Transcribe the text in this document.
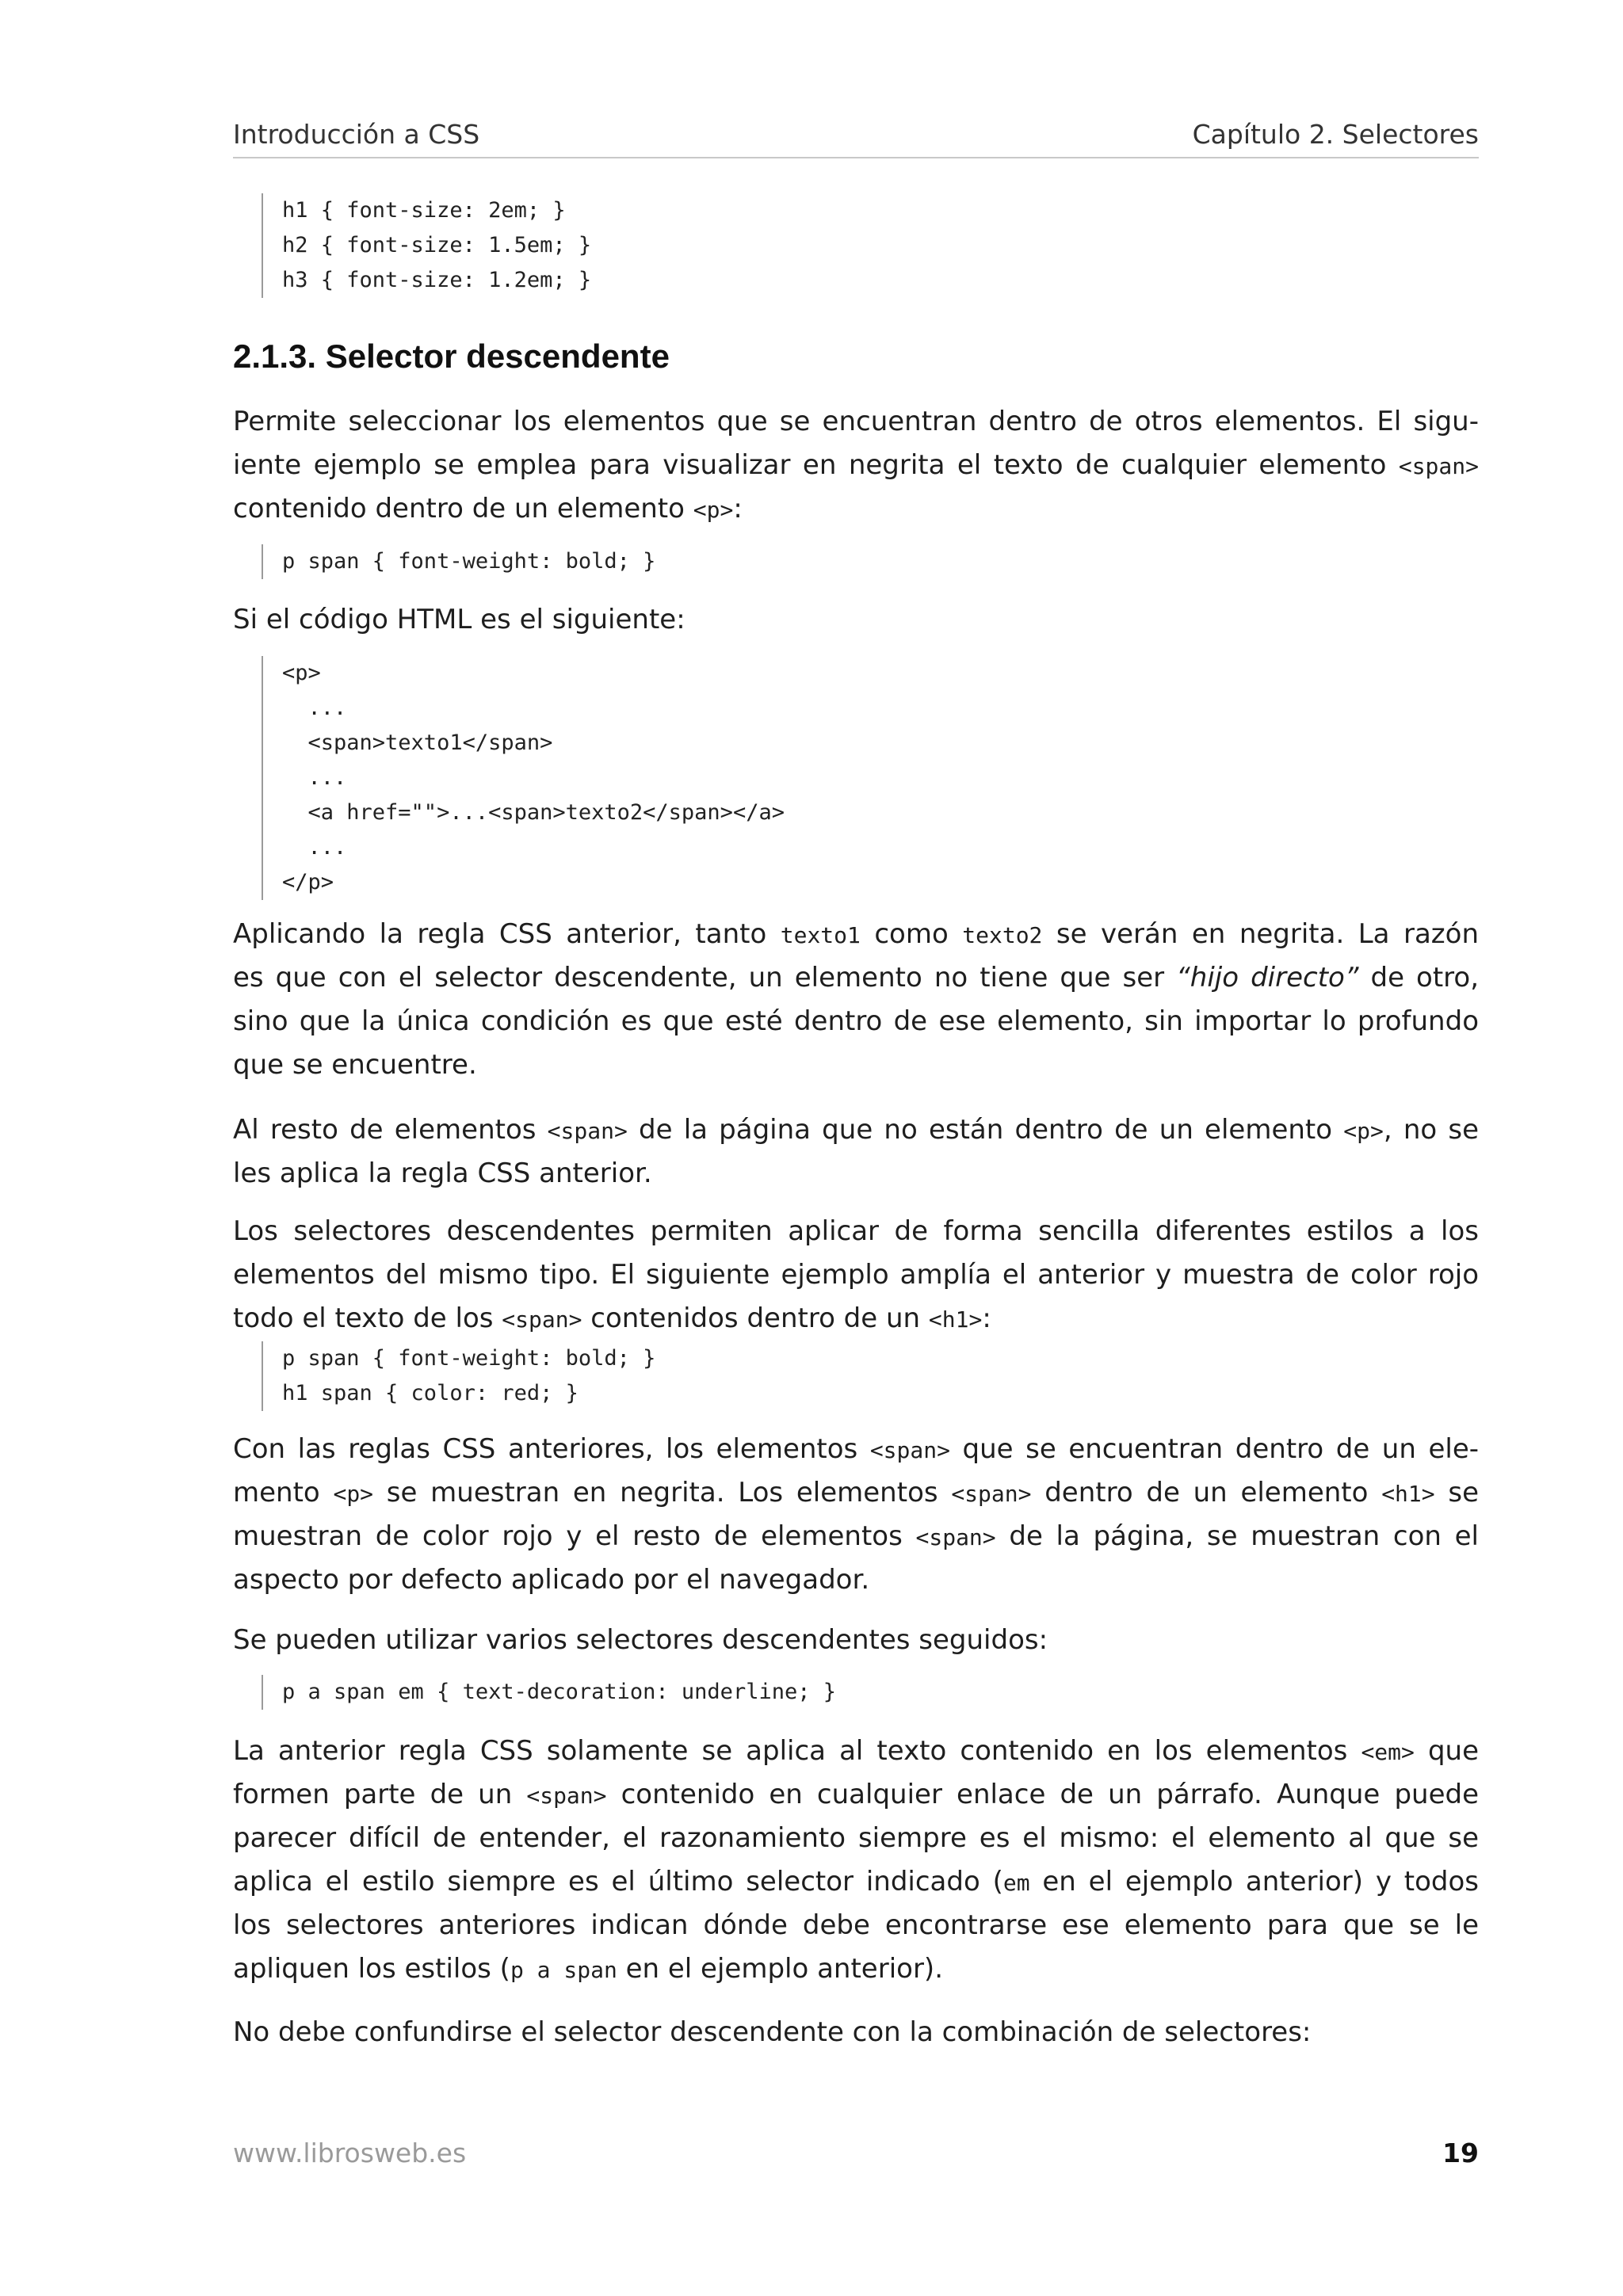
Introducción a CSS	Capítulo 2. Selectores
h1 { font-size: 2em; }
h2 { font-size: 1.5em; }
h3 { font-size: 1.2em; }
2.1.3. Selector descendente
Permite seleccionar los elementos que se encuentran dentro de otros elementos. El sigu-
iente ejemplo se emplea para visualizar en negrita el texto de cualquier elemento <span>
contenido dentro de un elemento <p>:
p span { font-weight: bold; }
Si el código HTML es el siguiente:
<p>
...
<span>texto1</span>
...
<a href="">...<span>texto2</span></a>
...
</p>
Aplicando la regla CSS anterior, tanto texto1 como texto2 se verán en negrita. La razón
es que con el selector descendente, un elemento no tiene que ser “hijo directo” de otro,
sino que la única condición es que esté dentro de ese elemento, sin importar lo profundo
que se encuentre.
Al resto de elementos <span> de la página que no están dentro de un elemento <p>, no se
les aplica la regla CSS anterior.
Los selectores descendentes permiten aplicar de forma sencilla diferentes estilos a los
elementos del mismo tipo. El siguiente ejemplo amplía el anterior y muestra de color rojo
todo el texto de los <span> contenidos dentro de un <h1>:
p span { font-weight: bold; }
h1 span { color: red; }
Con las reglas CSS anteriores, los elementos <span> que se encuentran dentro de un ele-
mento <p> se muestran en negrita. Los elementos <span> dentro de un elemento <h1> se
muestran de color rojo y el resto de elementos <span> de la página, se muestran con el
aspecto por defecto aplicado por el navegador.
Se pueden utilizar varios selectores descendentes seguidos:
p a span em { text-decoration: underline; }
La anterior regla CSS solamente se aplica al texto contenido en los elementos <em> que
formen parte de un <span> contenido en cualquier enlace de un párrafo. Aunque puede
parecer difícil de entender, el razonamiento siempre es el mismo: el elemento al que se
aplica el estilo siempre es el último selector indicado (em en el ejemplo anterior) y todos
los selectores anteriores indican dónde debe encontrarse ese elemento para que se le
apliquen los estilos (p a span en el ejemplo anterior).
No debe confundirse el selector descendente con la combinación de selectores:
www.librosweb.es	19
